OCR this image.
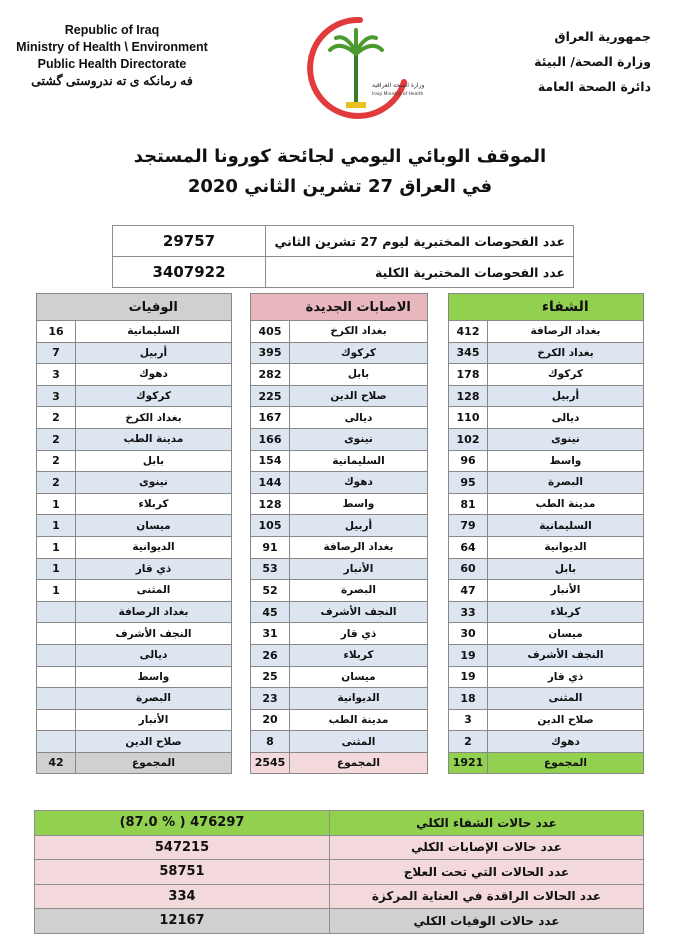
Republic of Iraq
Ministry of Health \ Environment
Public Health Directorate
فه رمانكه ى ته ندروستى گشتى
جمهورية العراق
وزارة الصحة/ البيئة
دائرة الصحة العامة
وزارة الصحة العراقية
Iraqi Ministry of Health
الموقف الوبائي اليومي لجائحة كورونا المستجد
في العراق 27 تشرين الثاني 2020
29757	عدد الفحوصات المختبرية ليوم 27 تشرين الثاني
3407922	عدد الفحوصات المختبرية الكلية
	الوفيات
16	السليمانية
7	أربيل
3	دهوك
3	كركوك
2	بغداد الكرخ
2	مدينة الطب
2	بابل
2	نينوى
1	كربلاء
1	ميسان
1	الديوانية
1	ذي قار
1	المثنى
	بغداد الرصافة
	النجف الأشرف
	ديالى
	واسط
	البصرة
	الأنبار
	صلاح الدين
42	المجموع
	الاصابات الجديدة
405	بغداد الكرخ
395	كركوك
282	بابل
225	صلاح الدين
167	ديالى
166	نينوى
154	السليمانية
144	دهوك
128	واسط
105	أربيل
91	بغداد الرصافة
53	الأنبار
52	البصرة
45	النجف الأشرف
31	ذي قار
26	كربلاء
25	ميسان
23	الديوانية
20	مدينة الطب
8	المثنى
2545	المجموع
	الشفاء
412	بغداد الرصافة
345	بغداد الكرخ
178	كركوك
128	أربيل
110	ديالى
102	نينوى
96	واسط
95	البصرة
81	مدينة الطب
79	السليمانية
64	الديوانية
60	بابل
47	الأنبار
33	كربلاء
30	ميسان
19	النجف الأشرف
19	ذي قار
18	المثنى
3	صلاح الدين
2	دهوك
1921	المجموع
(87.0 % ) 476297	عدد حالات الشفاء الكلي
547215	عدد حالات الإصابات الكلي
58751	عدد الحالات التي تحت العلاج
334	عدد الحالات الراقدة في العناية المركزة
12167	عدد حالات الوفيات الكلي
